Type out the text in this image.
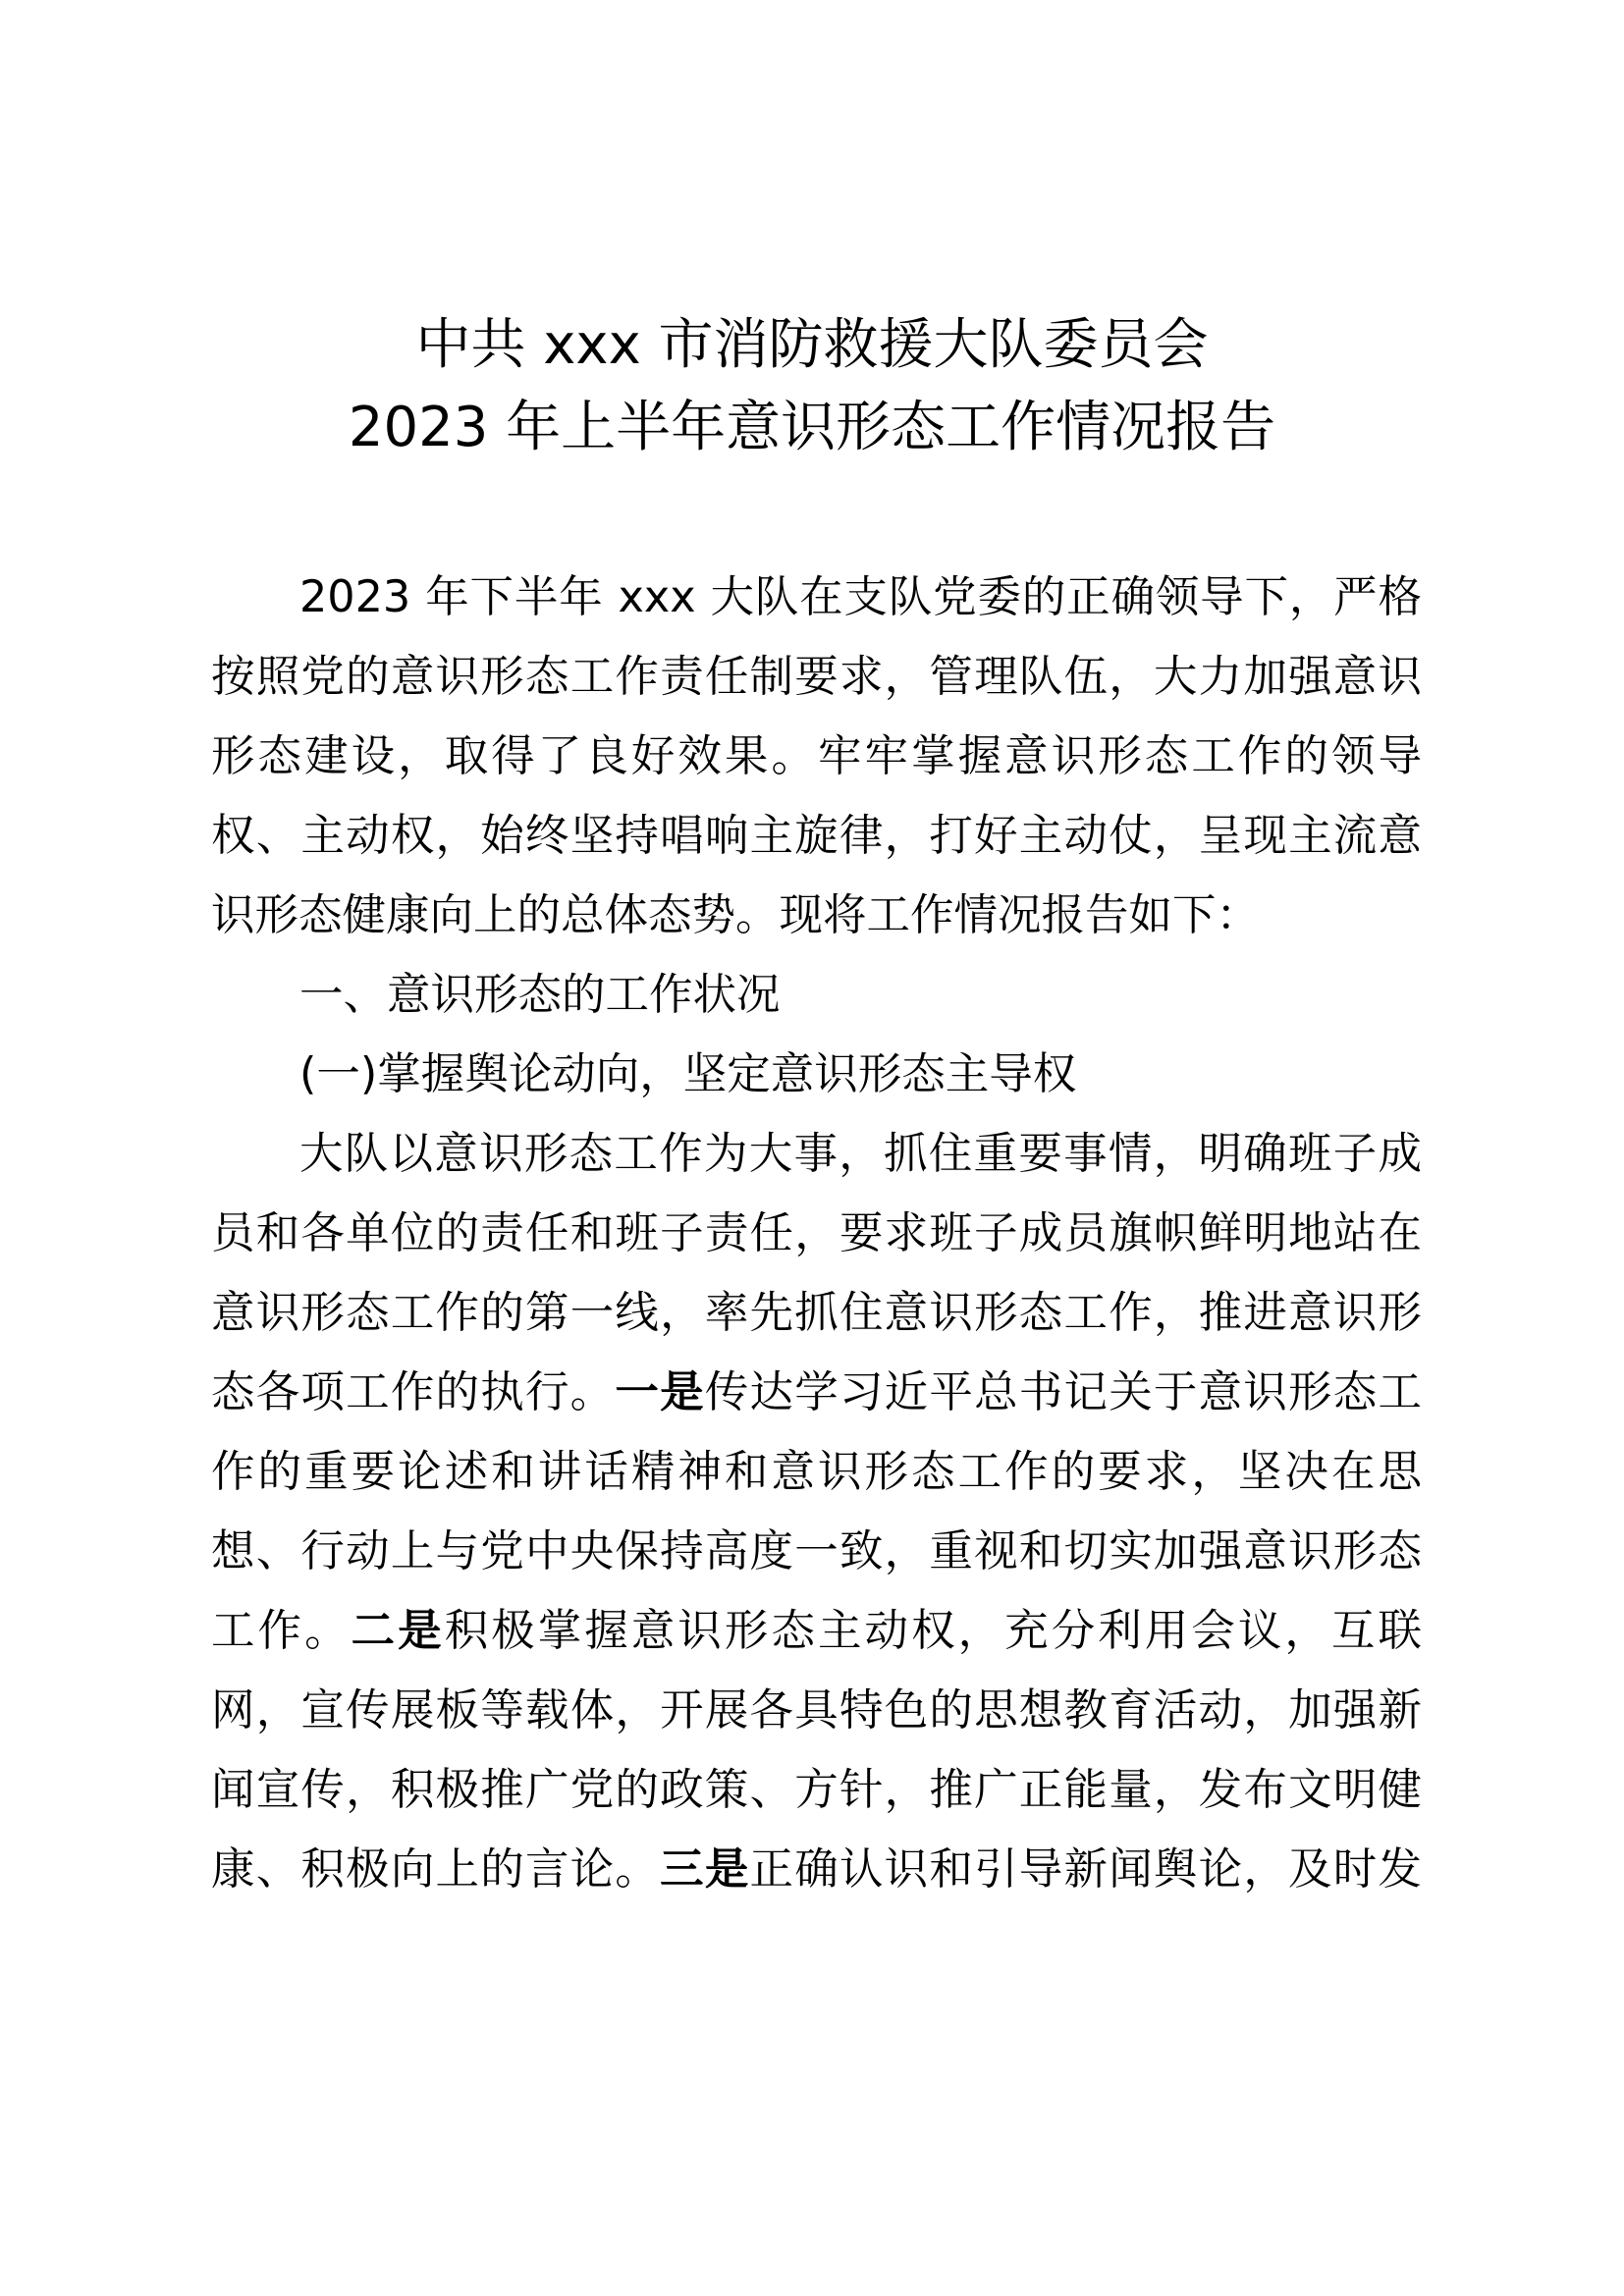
中共 xxx 市消防救援大队委员会
2023 年上半年意识形态工作情况报告
2023 年下半年 xxx 大队在支队党委的正确领导下，严格
按照党的意识形态工作责任制要求，管理队伍，大力加强意识
形态建设，取得了良好效果。牢牢掌握意识形态工作的领导
权、主动权，始终坚持唱响主旋律，打好主动仗，呈现主流意
识形态健康向上的总体态势。现将工作情况报告如下：
一、意识形态的工作状况
(一)掌握舆论动向，坚定意识形态主导权
大队以意识形态工作为大事，抓住重要事情，明确班子成
员和各单位的责任和班子责任，要求班子成员旗帜鲜明地站在
意识形态工作的第一线，率先抓住意识形态工作，推进意识形
态各项工作的执行。一是传达学习近平总书记关于意识形态工
作的重要论述和讲话精神和意识形态工作的要求，坚决在思
想、行动上与党中央保持高度一致，重视和切实加强意识形态
工作。二是积极掌握意识形态主动权，充分利用会议，互联
网，宣传展板等载体，开展各具特色的思想教育活动，加强新
闻宣传，积极推广党的政策、方针，推广正能量，发布文明健
康、积极向上的言论。三是正确认识和引导新闻舆论，及时发
